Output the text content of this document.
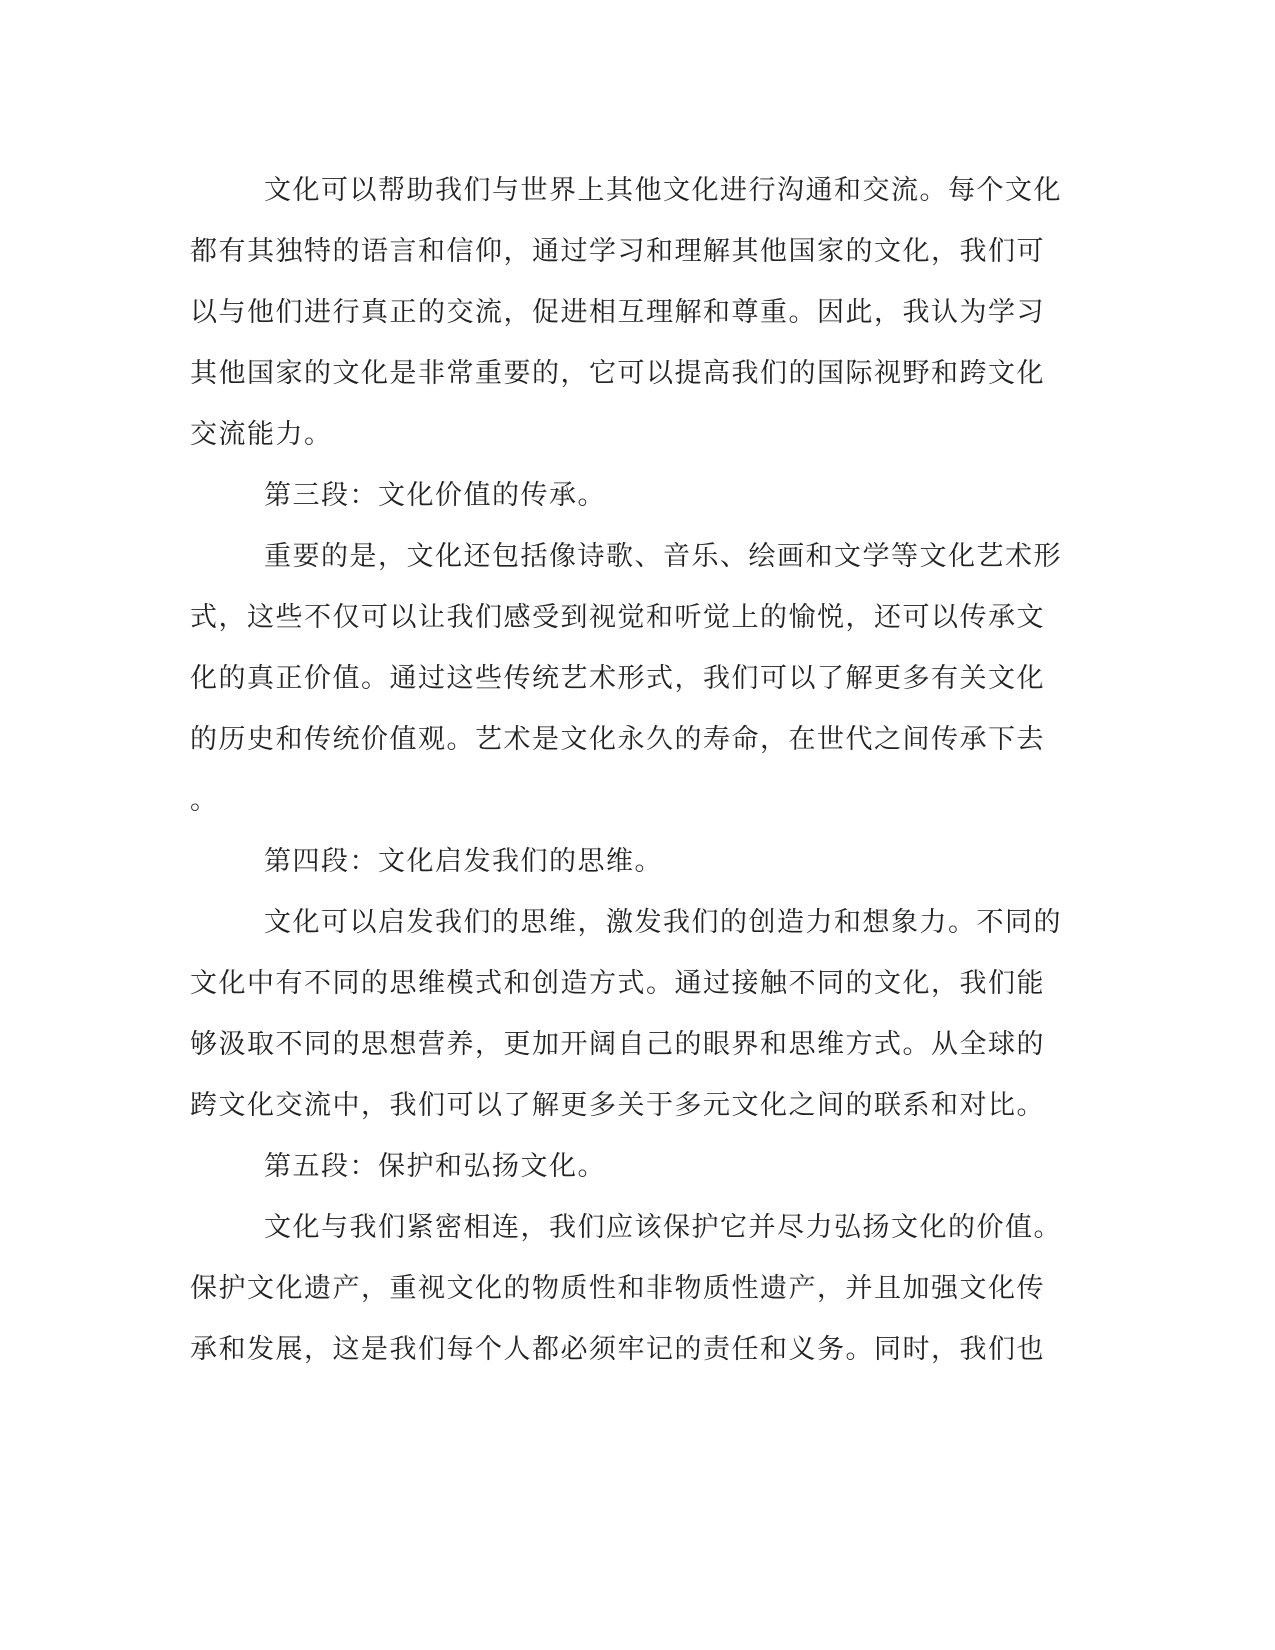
文化可以帮助我们与世界上其他文化进行沟通和交流。每个文化
都有其独特的语言和信仰，通过学习和理解其他国家的文化，我们可
以与他们进行真正的交流，促进相互理解和尊重。因此，我认为学习
其他国家的文化是非常重要的，它可以提高我们的国际视野和跨文化
交流能力。
第三段：文化价值的传承。
重要的是，文化还包括像诗歌、音乐、绘画和文学等文化艺术形
式，这些不仅可以让我们感受到视觉和听觉上的愉悦，还可以传承文
化的真正价值。通过这些传统艺术形式，我们可以了解更多有关文化
的历史和传统价值观。艺术是文化永久的寿命，在世代之间传承下去
。
第四段：文化启发我们的思维。
文化可以启发我们的思维，激发我们的创造力和想象力。不同的
文化中有不同的思维模式和创造方式。通过接触不同的文化，我们能
够汲取不同的思想营养，更加开阔自己的眼界和思维方式。从全球的
跨文化交流中，我们可以了解更多关于多元文化之间的联系和对比。
第五段：保护和弘扬文化。
文化与我们紧密相连，我们应该保护它并尽力弘扬文化的价值。
保护文化遗产，重视文化的物质性和非物质性遗产，并且加强文化传
承和发展，这是我们每个人都必须牢记的责任和义务。同时，我们也
